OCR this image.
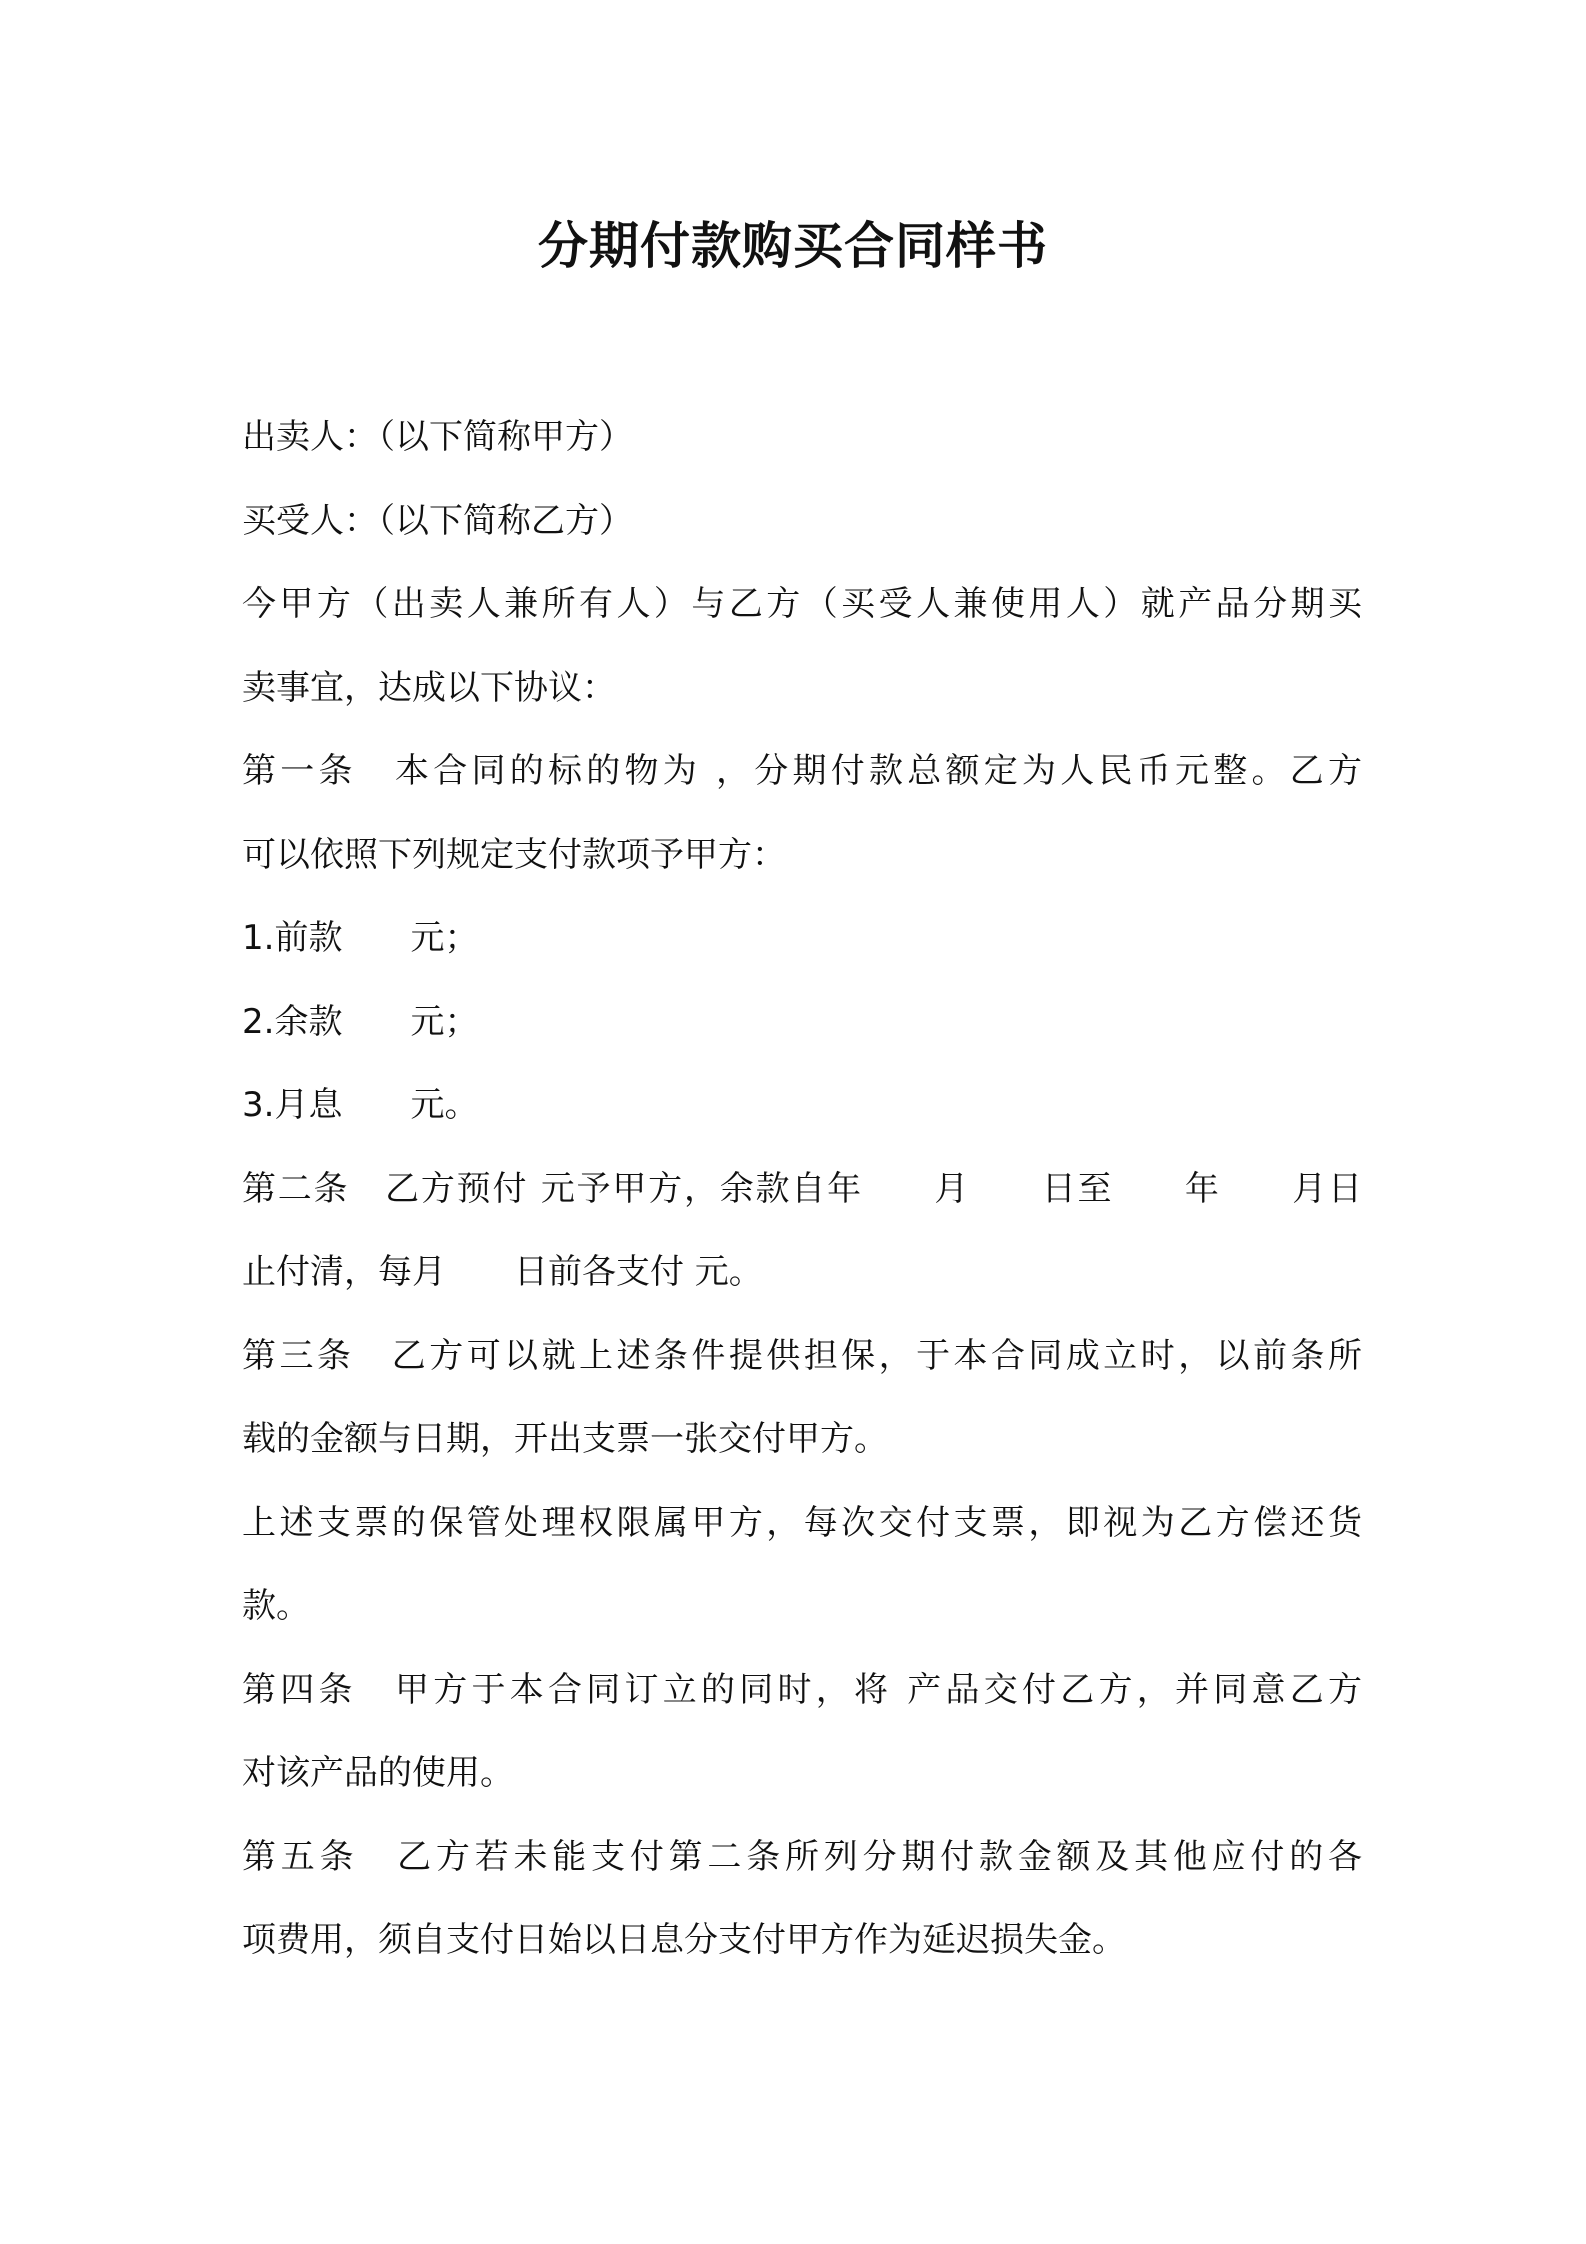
分期付款购买合同样书
出卖人：（以下简称甲方）
买受人：（以下简称乙方）
今甲方（出卖人兼所有人）与乙方（买受人兼使用人）就产品分期买
卖事宜，达成以下协议：
第一条　本合同的标的物为 ，分期付款总额定为人民币元整。乙方
可以依照下列规定支付款项予甲方：
1.前款　　元；
2.余款　　元；
3.月息　　元。
第二条　乙方预付 元予甲方，余款自年　　月　　日至　　年　　月日
止付清，每月　　日前各支付 元。
第三条　乙方可以就上述条件提供担保，于本合同成立时，以前条所
载的金额与日期，开出支票一张交付甲方。
上述支票的保管处理权限属甲方，每次交付支票，即视为乙方偿还货
款。
第四条　甲方于本合同订立的同时，将 产品交付乙方，并同意乙方
对该产品的使用。
第五条　乙方若未能支付第二条所列分期付款金额及其他应付的各
项费用，须自支付日始以日息分支付甲方作为延迟损失金。
